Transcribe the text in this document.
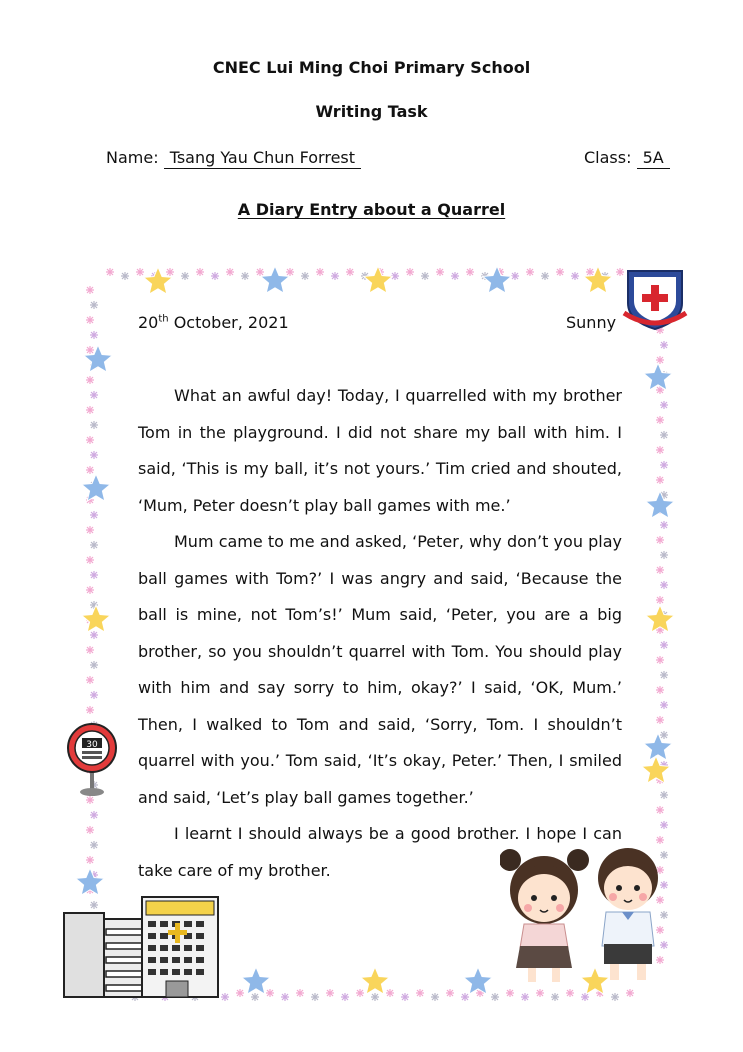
CNEC Lui Ming Choi Primary School
Writing Task
Name: Tsang Yau Chun Forrest	Class: 5A
A Diary Entry about a Quarrel
20th October, 2021	Sunny

What an awful day! Today, I quarrelled with my brother Tom in the playground. I did not share my ball with him. I said, ‘This is my ball, it’s not yours.’ Tim cried and shouted, ‘Mum, Peter doesn’t play ball games with me.’

Mum came to me and asked, ‘Peter, why don’t you play ball games with Tom?’ I was angry and said, ‘Because the ball is mine, not Tom’s!’ Mum said, ‘Peter, you are a big brother, so you shouldn’t quarrel with Tom. You should play with him and say sorry to him, okay?’ I said, ‘OK, Mum.’ Then, I walked to Tom and said, ‘Sorry, Tom. I shouldn’t quarrel with you.’ Tom said, ‘It’s okay, Peter.’ Then, I smiled and said, ‘Let’s play ball games together.’

I learnt I should always be a good brother. I hope I can take care of my brother.

30
